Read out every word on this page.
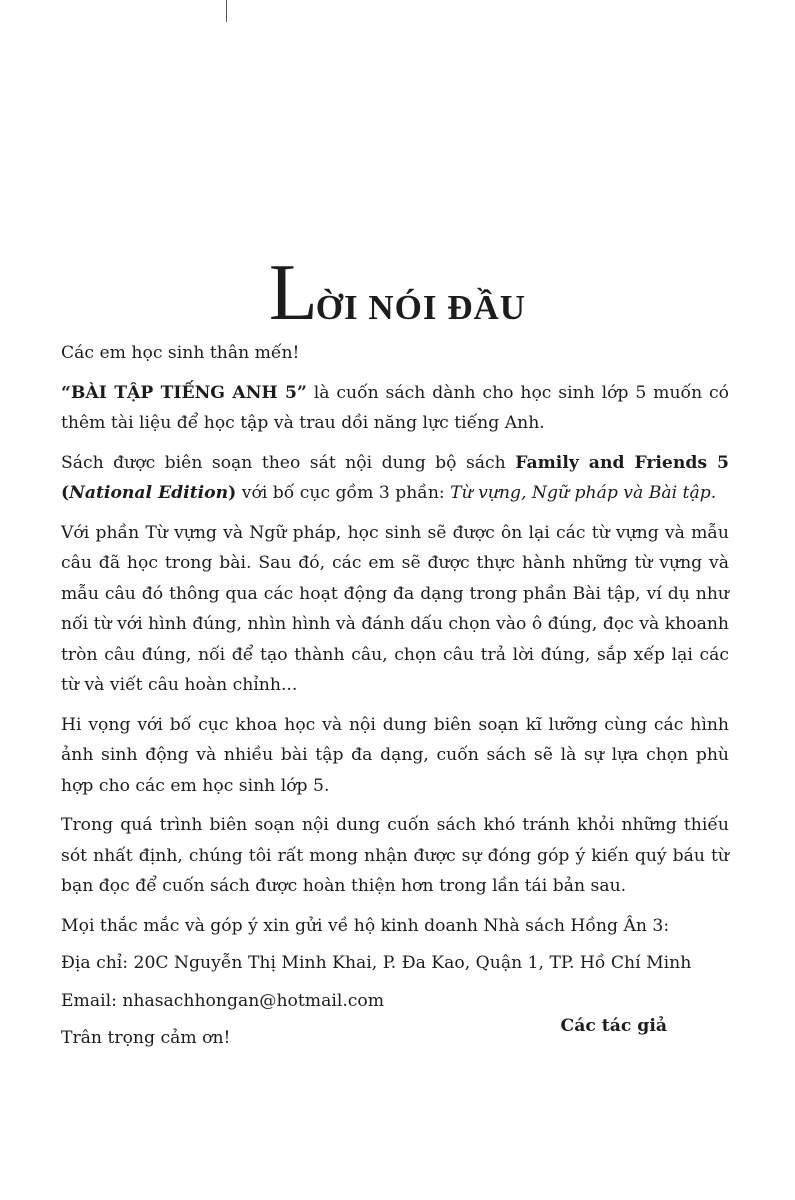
LỜI NÓI ĐẦU

Các em học sinh thân mến!

“BÀI TẬP TIẾNG ANH 5” là cuốn sách dành cho học sinh lớp 5 muốn có thêm tài liệu để học tập và trau dồi năng lực tiếng Anh.

Sách được biên soạn theo sát nội dung bộ sách Family and Friends 5 (National Edition) với bố cục gồm 3 phần: Từ vựng, Ngữ pháp và Bài tập.

Với phần Từ vựng và Ngữ pháp, học sinh sẽ được ôn lại các từ vựng và mẫu câu đã học trong bài. Sau đó, các em sẽ được thực hành những từ vựng và mẫu câu đó thông qua các hoạt động đa dạng trong phần Bài tập, ví dụ như nối từ với hình đúng, nhìn hình và đánh dấu chọn vào ô đúng, đọc và khoanh tròn câu đúng, nối để tạo thành câu, chọn câu trả lời đúng, sắp xếp lại các từ và viết câu hoàn chỉnh...

Hi vọng với bố cục khoa học và nội dung biên soạn kĩ lưỡng cùng các hình ảnh sinh động và nhiều bài tập đa dạng, cuốn sách sẽ là sự lựa chọn phù hợp cho các em học sinh lớp 5.

Trong quá trình biên soạn nội dung cuốn sách khó tránh khỏi những thiếu sót nhất định, chúng tôi rất mong nhận được sự đóng góp ý kiến quý báu từ bạn đọc để cuốn sách được hoàn thiện hơn trong lần tái bản sau.

Mọi thắc mắc và góp ý xin gửi về hộ kinh doanh Nhà sách Hồng Ân 3:

Địa chỉ: 20C Nguyễn Thị Minh Khai, P. Đa Kao, Quận 1, TP. Hồ Chí Minh

Email: nhasachhongan@hotmail.com

Trân trọng cảm ơn!

Các tác giả
